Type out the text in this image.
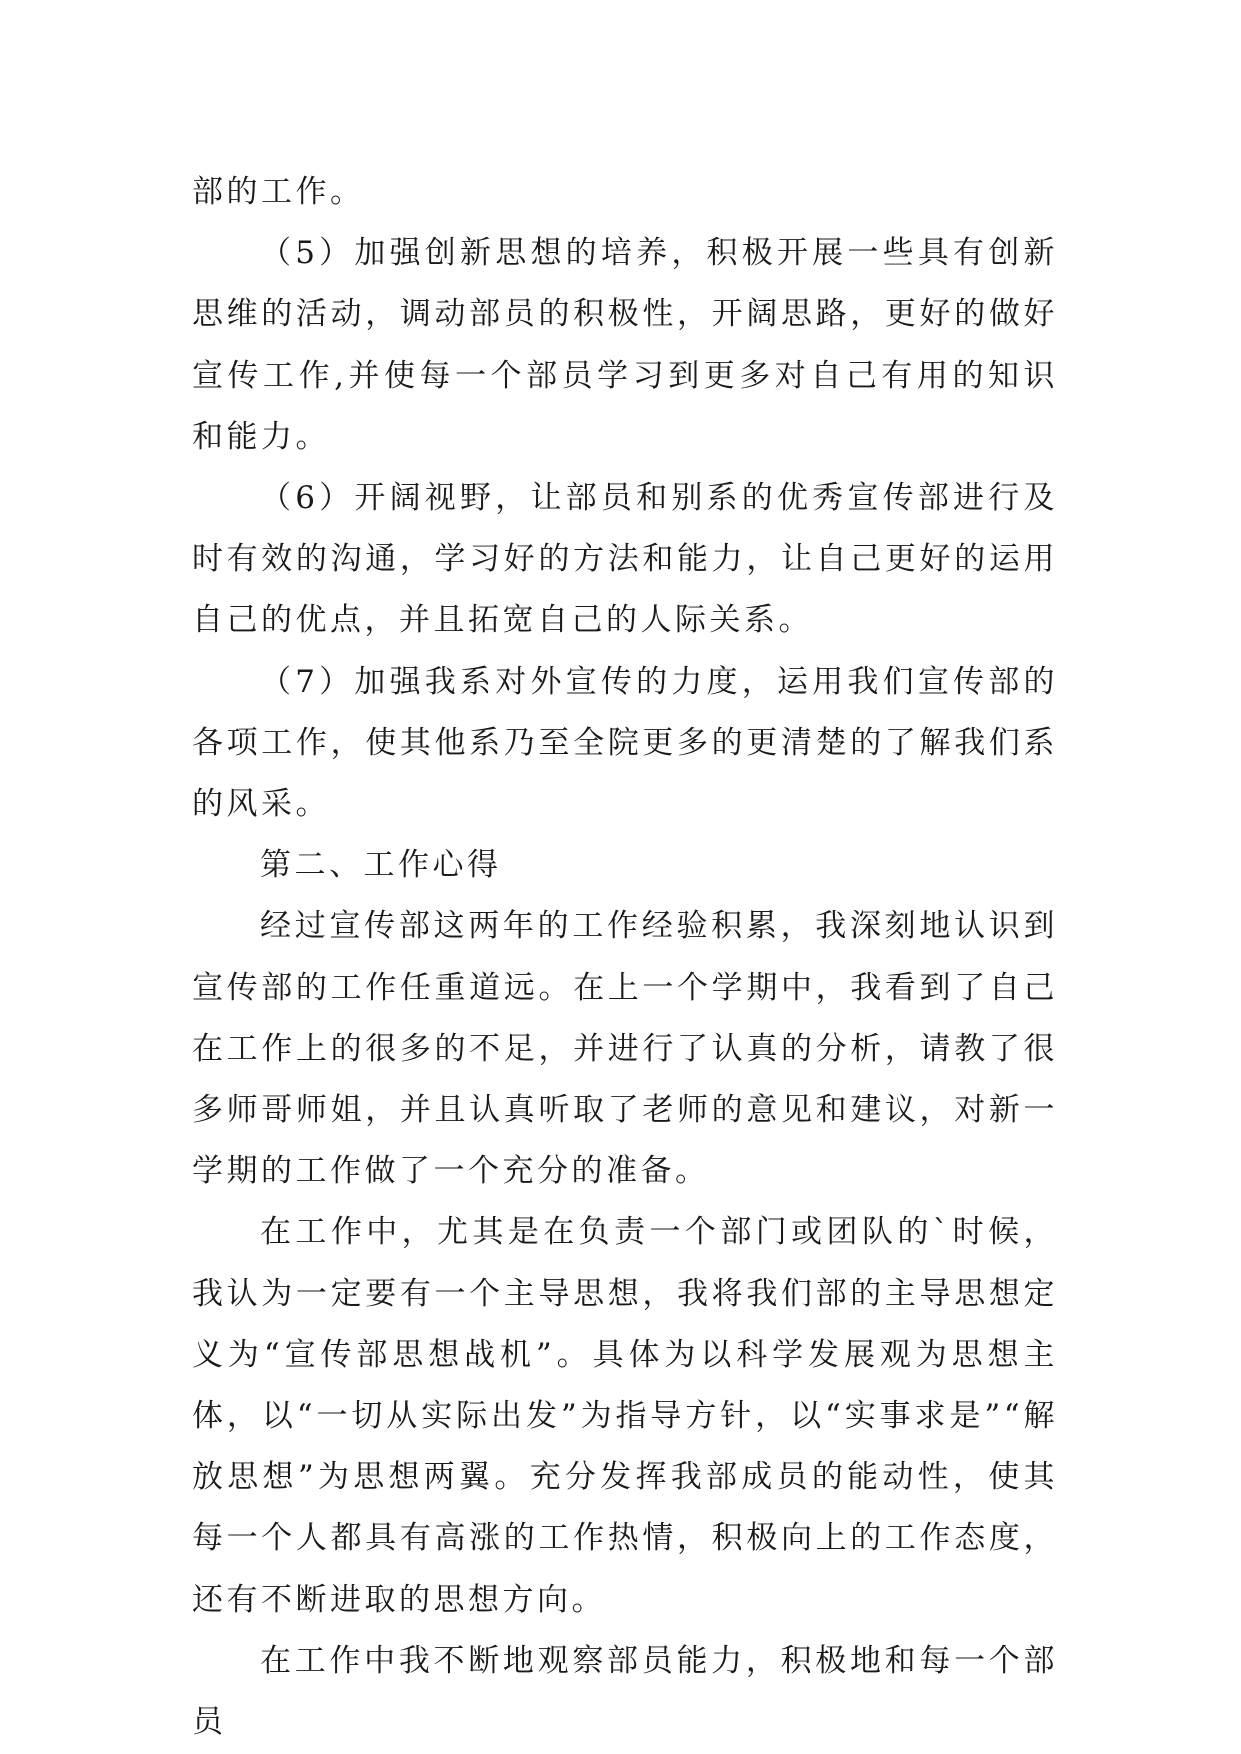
部的工作。

（5）加强创新思想的培养，积极开展一些具有创新思维的活动，调动部员的积极性，开阔思路，更好的做好宣传工作,并使每一个部员学习到更多对自己有用的知识和能力。

（6）开阔视野，让部员和别系的优秀宣传部进行及时有效的沟通，学习好的方法和能力，让自己更好的运用自己的优点，并且拓宽自己的人际关系。

（7）加强我系对外宣传的力度，运用我们宣传部的各项工作，使其他系乃至全院更多的更清楚的了解我们系的风采。

第二、工作心得

经过宣传部这两年的工作经验积累，我深刻地认识到宣传部的工作任重道远。在上一个学期中，我看到了自己在工作上的很多的不足，并进行了认真的分析，请教了很多师哥师姐，并且认真听取了老师的意见和建议，对新一学期的工作做了一个充分的准备。

在工作中，尤其是在负责一个部门或团队的`时候，我认为一定要有一个主导思想，我将我们部的主导思想定义为“宣传部思想战机”。具体为以科学发展观为思想主体，以“一切从实际出发”为指导方针，以“实事求是”“解放思想”为思想两翼。充分发挥我部成员的能动性，使其每一个人都具有高涨的工作热情，积极向上的工作态度，还有不断进取的思想方向。

在工作中我不断地观察部员能力，积极地和每一个部员
